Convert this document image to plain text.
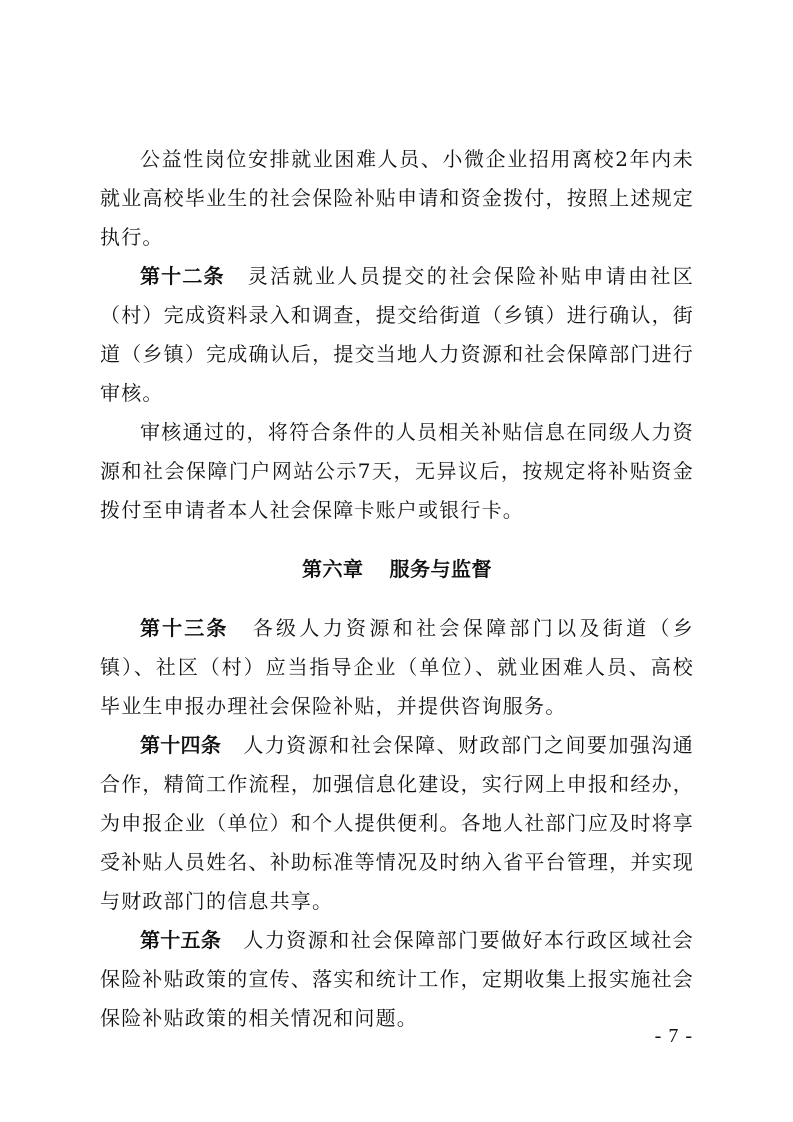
公益性岗位安排就业困难人员、小微企业招用离校2年内未就业高校毕业生的社会保险补贴申请和资金拨付，按照上述规定执行。

第十二条 灵活就业人员提交的社会保险补贴申请由社区（村）完成资料录入和调查，提交给街道（乡镇）进行确认，街道（乡镇）完成确认后，提交当地人力资源和社会保障部门进行审核。

审核通过的，将符合条件的人员相关补贴信息在同级人力资源和社会保障门户网站公示7天，无异议后，按规定将补贴资金拨付至申请者本人社会保障卡账户或银行卡。

第六章 服务与监督

第十三条 各级人力资源和社会保障部门以及街道（乡镇）、社区（村）应当指导企业（单位）、就业困难人员、高校毕业生申报办理社会保险补贴，并提供咨询服务。

第十四条 人力资源和社会保障、财政部门之间要加强沟通合作，精简工作流程，加强信息化建设，实行网上申报和经办，为申报企业（单位）和个人提供便利。各地人社部门应及时将享受补贴人员姓名、补助标准等情况及时纳入省平台管理，并实现与财政部门的信息共享。

第十五条 人力资源和社会保障部门要做好本行政区域社会保险补贴政策的宣传、落实和统计工作，定期收集上报实施社会保险补贴政策的相关情况和问题。

- 7 -
